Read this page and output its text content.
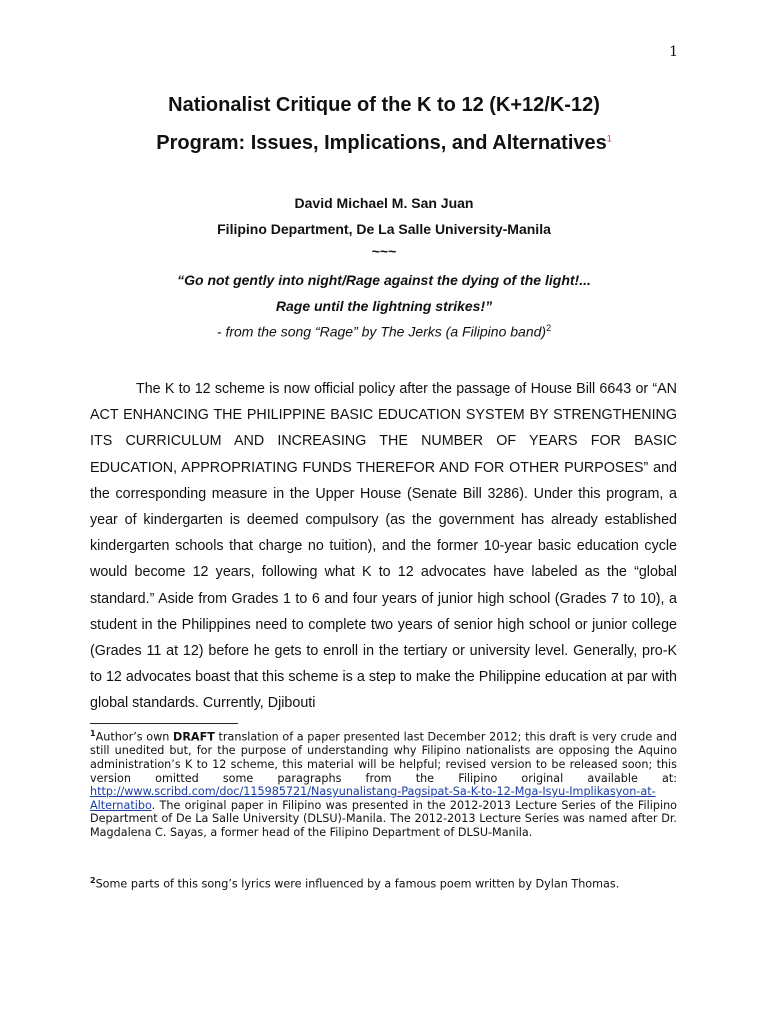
1
Nationalist Critique of the K to 12 (K+12/K-12)
Program: Issues, Implications, and Alternatives$^1$
David Michael M. San Juan
Filipino Department, De La Salle University-Manila
~~~
“Go not gently into night/Rage against the dying of the light!...
Rage until the lightning strikes!”
- from the song “Rage” by The Jerks (a Filipino band)$^2$

The K to 12 scheme is now official policy after the passage of House Bill 6643 or “AN ACT ENHANCING THE PHILIPPINE BASIC EDUCATION SYSTEM BY STRENGTHENING ITS CURRICULUM AND INCREASING THE NUMBER OF YEARS FOR BASIC EDUCATION, APPROPRIATING FUNDS THEREFOR AND FOR OTHER PURPOSES” and the corresponding measure in the Upper House (Senate Bill 3286). Under this program, a year of kindergarten is deemed compulsory (as the government has already established kindergarten schools that charge no tuition), and the former 10-year basic education cycle would become 12 years, following what K to 12 advocates have labeled as the “global standard.” Aside from Grades 1 to 6 and four years of junior high school (Grades 7 to 10), a student in the Philippines need to complete two years of senior high school or junior college (Grades 11 at 12) before he gets to enroll in the tertiary or university level. Generally, pro-K to 12 advocates boast that this scheme is a step to make the Philippine education at par with global standards. Currently, Djibouti

$^1$Author’s own DRAFT translation of a paper presented last December 2012; this draft is very crude and still unedited but, for the purpose of understanding why Filipino nationalists are opposing the Aquino administration’s K to 12 scheme, this material will be helpful; revised version to be released soon; this version omitted some paragraphs from the Filipino original available at: http://www.scribd.com/doc/115985721/Nasyunalistang-Pagsipat-Sa-K-to-12-Mga-Isyu-Implikasyon-at-Alternatibo. The original paper in Filipino was presented in the 2012-2013 Lecture Series of the Filipino Department of De La Salle University (DLSU)-Manila. The 2012-2013 Lecture Series was named after Dr. Magdalena C. Sayas, a former head of the Filipino Department of DLSU-Manila.

$^2$Some parts of this song’s lyrics were influenced by a famous poem written by Dylan Thomas.
